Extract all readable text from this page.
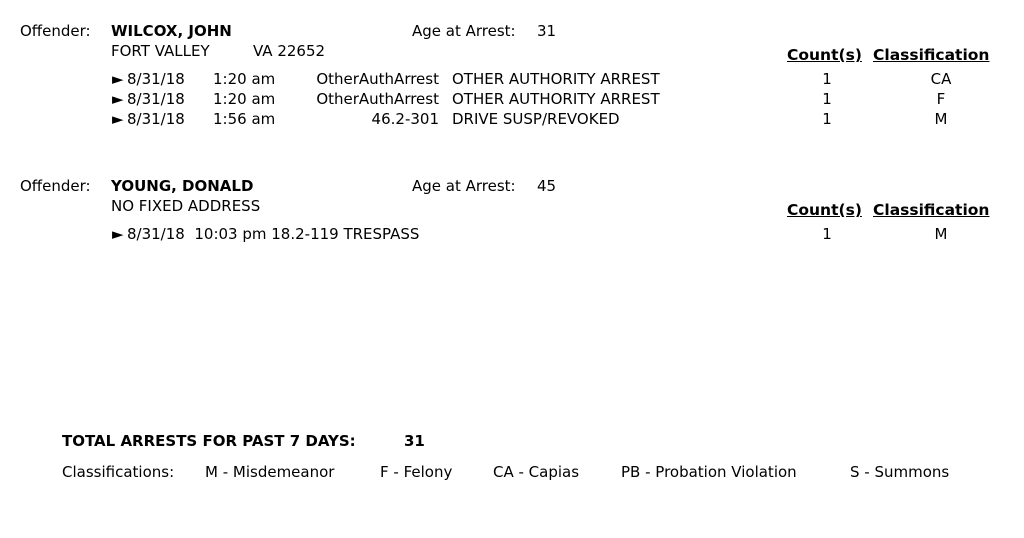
Offender: WILCOX, JOHN	Age at Arrest: 31
FORT VALLEY	VA 22652	Count(s) Classification
► 8/31/18 1:20 am	OtherAuthArrest OTHER AUTHORITY ARREST	1	CA
► 8/31/18 1:20 am	OtherAuthArrest OTHER AUTHORITY ARREST	1	F
► 8/31/18 1:56 am	46.2-301 DRIVE SUSP/REVOKED	1	M
Offender: YOUNG, DONALD	Age at Arrest: 45
NO FIXED ADDRESS	Count(s) Classification
► 8/31/18  10:03 pm 18.2-119 TRESPASS	1	M
TOTAL ARRESTS FOR PAST 7 DAYS:	31
Classifications: M - Misdemeanor	F - Felony	CA - Capias	PB - Probation Violation	S - Summons
